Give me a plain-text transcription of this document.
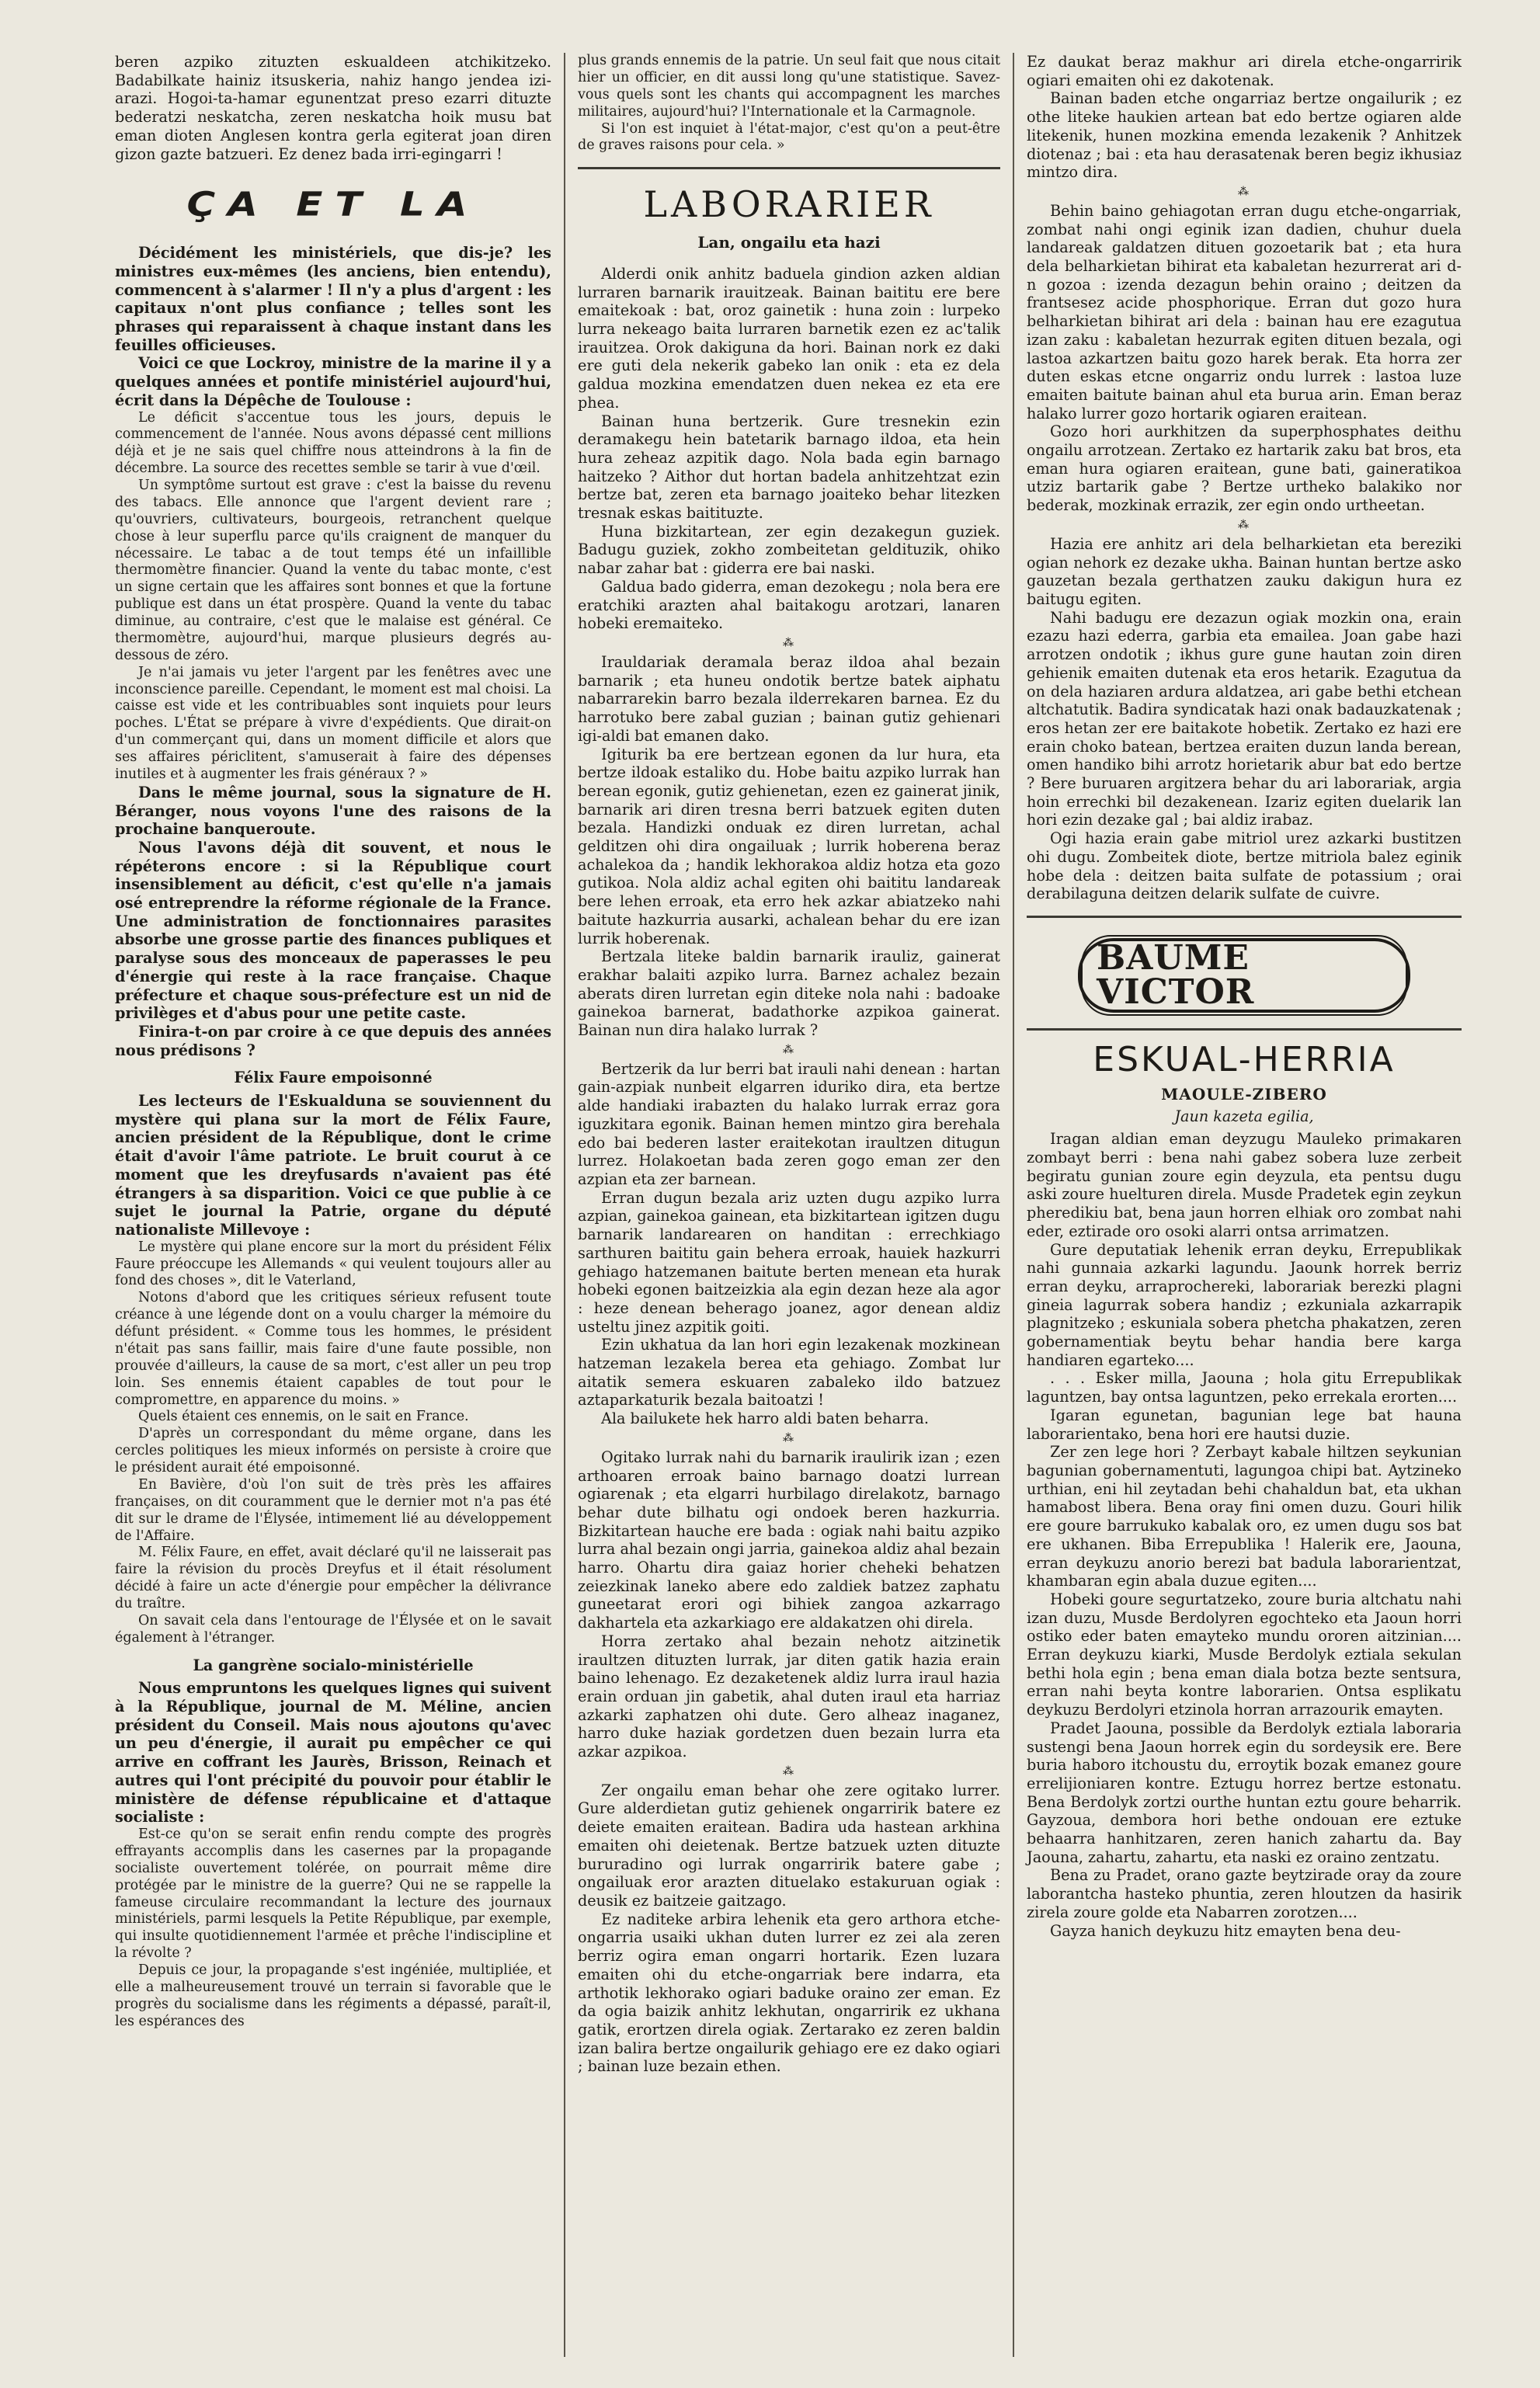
beren azpiko zituzten eskualdeen atchikitzeko. Badabilkate hainiz itsuskeria, nahiz hango jendea izi-arazi. Hogoi-ta-hamar egunentzat preso ezarri dituzte bederatzi neskatcha, zeren neskatcha hoik musu bat eman dioten Anglesen kontra gerla egiterat joan diren gizon gazte batzueri. Ez denez bada irri-egingarri !

ÇA ET LA

Décidément les ministériels, que dis-je? les ministres eux-mêmes (les anciens, bien entendu), commencent à s'alarmer ! Il n'y a plus d'argent : les capitaux n'ont plus confiance ; telles sont les phrases qui reparaissent à chaque instant dans les feuilles officieuses.

Voici ce que Lockroy, ministre de la marine il y a quelques années et pontife ministériel aujourd'hui, écrit dans la Dépêche de Toulouse :

Le déficit s'accentue tous les jours, depuis le commencement de l'année. Nous avons dépassé cent millions déjà et je ne sais quel chiffre nous atteindrons à la fin de décembre. La source des recettes semble se tarir à vue d'œil.

Un symptôme surtout est grave : c'est la baisse du revenu des tabacs. Elle annonce que l'argent devient rare ; qu'ouvriers, cultivateurs, bourgeois, retranchent quelque chose à leur superflu parce qu'ils craignent de manquer du nécessaire. Le tabac a de tout temps été un infaillible thermomètre financier. Quand la vente du tabac monte, c'est un signe certain que les affaires sont bonnes et que la fortune publique est dans un état prospère. Quand la vente du tabac diminue, au contraire, c'est que le malaise est général. Ce thermomètre, aujourd'hui, marque plusieurs degrés au-dessous de zéro.

Je n'ai jamais vu jeter l'argent par les fenêtres avec une inconscience pareille. Cependant, le moment est mal choisi. La caisse est vide et les contribuables sont inquiets pour leurs poches. L'État se prépare à vivre d'expédients. Que dirait-on d'un commerçant qui, dans un moment difficile et alors que ses affaires périclitent, s'amuserait à faire des dépenses inutiles et à augmenter les frais généraux ? »

Dans le même journal, sous la signature de H. Béranger, nous voyons l'une des raisons de la prochaine banqueroute.

Nous l'avons déjà dit souvent, et nous le répéterons encore : si la République court insensiblement au déficit, c'est qu'elle n'a jamais osé entreprendre la réforme régionale de la France. Une administration de fonctionnaires parasites absorbe une grosse partie des finances publiques et paralyse sous des monceaux de paperasses le peu d'énergie qui reste à la race française. Chaque préfecture et chaque sous-préfecture est un nid de privilèges et d'abus pour une petite caste.

Finira-t-on par croire à ce que depuis des années nous prédisons ?

Félix Faure empoisonné

Les lecteurs de l'Eskualduna se souviennent du mystère qui plana sur la mort de Félix Faure, ancien président de la République, dont le crime était d'avoir l'âme patriote. Le bruit courut à ce moment que les dreyfusards n'avaient pas été étrangers à sa disparition. Voici ce que publie à ce sujet le journal la Patrie, organe du député nationaliste Millevoye :

Le mystère qui plane encore sur la mort du président Félix Faure préoccupe les Allemands « qui veulent toujours aller au fond des choses », dit le Vaterland,

Notons d'abord que les critiques sérieux refusent toute créance à une légende dont on a voulu charger la mémoire du défunt président. « Comme tous les hommes, le président n'était pas sans faillir, mais faire d'une faute possible, non prouvée d'ailleurs, la cause de sa mort, c'est aller un peu trop loin. Ses ennemis étaient capables de tout pour le compromettre, en apparence du moins. »

Quels étaient ces ennemis, on le sait en France.

D'après un correspondant du même organe, dans les cercles politiques les mieux informés on persiste à croire que le président aurait été empoisonné.

En Bavière, d'où l'on suit de très près les affaires françaises, on dit couramment que le dernier mot n'a pas été dit sur le drame de l'Élysée, intimement lié au développement de l'Affaire.

M. Félix Faure, en effet, avait déclaré qu'il ne laisserait pas faire la révision du procès Dreyfus et il était résolument décidé à faire un acte d'énergie pour empêcher la délivrance du traître.

On savait cela dans l'entourage de l'Élysée et on le savait également à l'étranger.

La gangrène socialo-ministérielle

Nous empruntons les quelques lignes qui suivent à la République, journal de M. Méline, ancien président du Conseil. Mais nous ajoutons qu'avec un peu d'énergie, il aurait pu empêcher ce qui arrive en coffrant les Jaurès, Brisson, Reinach et autres qui l'ont précipité du pouvoir pour établir le ministère de défense républicaine et d'attaque socialiste :

Est-ce qu'on se serait enfin rendu compte des progrès effrayants accomplis dans les casernes par la propagande socialiste ouvertement tolérée, on pourrait même dire protégée par le ministre de la guerre? Qui ne se rappelle la fameuse circulaire recommandant la lecture des journaux ministériels, parmi lesquels la Petite République, par exemple, qui insulte quotidiennement l'armée et prêche l'indiscipline et la révolte ?

Depuis ce jour, la propagande s'est ingéniée, multipliée, et elle a malheureusement trouvé un terrain si favorable que le progrès du socialisme dans les régiments a dépassé, paraît-il, les espérances des

plus grands ennemis de la patrie. Un seul fait que nous citait hier un officier, en dit aussi long qu'une statistique. Savez-vous quels sont les chants qui accompagnent les marches militaires, aujourd'hui? l'Internationale et la Carmagnole.

Si l'on est inquiet à l'état-major, c'est qu'on a peut-être de graves raisons pour cela. »

LABORARIER

Lan, ongailu eta hazi

Alderdi onik anhitz baduela gindion azken aldian lurraren barnarik irauitzeak. Bainan baititu ere bere emaitekoak : bat, oroz gainetik : huna zoin : lurpeko lurra nekeago baita lurraren barnetik ezen ez ac'talik irauitzea. Orok dakiguna da hori. Bainan nork ez daki ere guti dela nekerik gabeko lan onik : eta ez dela galdua mozkina emendatzen duen nekea ez eta ere phea.

Bainan huna bertzerik. Gure tresnekin ezin deramakegu hein batetarik barnago ildoa, eta hein hura zeheaz azpitik dago. Nola bada egin barnago haitzeko ? Aithor dut hortan badela anhitzehtzat ezin bertze bat, zeren eta barnago joaiteko behar litezken tresnak eskas baitituzte.

Huna bizkitartean, zer egin dezakegun guziek. Badugu guziek, zokho zombeitetan geldituzik, ohiko nabar zahar bat : giderra ere bai naski.

Galdua bado giderra, eman dezokegu ; nola bera ere eratchiki arazten ahal baitakogu arotzari, lanaren hobeki eremaiteko.

⁂

Irauldariak deramala beraz ildoa ahal bezain barnarik ; eta huneu ondotik bertze batek aiphatu nabarrarekin barro bezala ilderrekaren barnea. Ez du harrotuko bere zabal guzian ; bainan gutiz gehienari igi-aldi bat emanen dako.

Igiturik ba ere bertzean egonen da lur hura, eta bertze ildoak estaliko du. Hobe baitu azpiko lurrak han berean egonik, gutiz gehienetan, ezen ez gainerat jinik, barnarik ari diren tresna berri batzuek egiten duten bezala. Handizki onduak ez diren lurretan, achal gelditzen ohi dira ongailuak ; lurrik hoberena beraz achalekoa da ; handik lekhorakoa aldiz hotza eta gozo gutikoa. Nola aldiz achal egiten ohi baititu landareak bere lehen erroak, eta erro hek azkar abiatzeko nahi baitute hazkurria ausarki, achalean behar du ere izan lurrik hoberenak.

Bertzala liteke baldin barnarik irauliz, gainerat erakhar balaiti azpiko lurra. Barnez achalez bezain aberats diren lurretan egin diteke nola nahi : badoake gainekoa barnerat, badathorke azpikoa gainerat. Bainan nun dira halako lurrak ?

⁂

Bertzerik da lur berri bat irauli nahi denean : hartan gain-azpiak nunbeit elgarren iduriko dira, eta bertze alde handiaki irabazten du halako lurrak erraz gora iguzkitara egonik. Bainan hemen mintzo gira berehala edo bai bederen laster eraitekotan iraultzen ditugun lurrez. Holakoetan bada zeren gogo eman zer den azpian eta zer barnean.

Erran dugun bezala ariz uzten dugu azpiko lurra azpian, gainekoa gainean, eta bizkitartean igitzen dugu barnarik landarearen on handitan : errechkiago sarthuren baititu gain behera erroak, hauiek hazkurri gehiago hatzemanen baitute berten menean eta hurak hobeki egonen baitzeizkia ala egin dezan heze ala agor : heze denean beherago joanez, agor denean aldiz usteltu jinez azpitik goiti.

Ezin ukhatua da lan hori egin lezakenak mozkinean hatzeman lezakela berea eta gehiago. Zombat lur aitatik semera eskuaren zabaleko ildo batzuez aztaparkaturik bezala baitoatzi !

Ala bailukete hek harro aldi baten beharra.

⁂

Ogitako lurrak nahi du barnarik iraulirik izan ; ezen arthoaren erroak baino barnago doatzi lurrean ogiarenak ; eta elgarri hurbilago direlakotz, barnago behar dute bilhatu ogi ondoek beren hazkurria. Bizkitartean hauche ere bada : ogiak nahi baitu azpiko lurra ahal bezain ongi jarria, gainekoa aldiz ahal bezain harro. Ohartu dira gaiaz horier cheheki behatzen zeiezkinak laneko abere edo zaldiek batzez zaphatu guneetarat erori ogi bihiek zangoa azkarrago dakhartela eta azkarkiago ere aldakatzen ohi direla.

Horra zertako ahal bezain nehotz aitzinetik iraultzen dituzten lurrak, jar diten gatik hazia erain baino lehenago. Ez dezaketenek aldiz lurra iraul hazia erain orduan jin gabetik, ahal duten iraul eta harriaz azkarki zaphatzen ohi dute. Gero alheaz inaganez, harro duke haziak gordetzen duen bezain lurra eta azkar azpikoa.

⁂

Zer ongailu eman behar ohe zere ogitako lurrer. Gure alderdietan gutiz gehienek ongarririk batere ez deiete emaiten eraitean. Badira uda hastean arkhina emaiten ohi deietenak. Bertze batzuek uzten dituzte bururadino ogi lurrak ongarririk batere gabe ; ongailuak eror arazten dituelako estakuruan ogiak : deusik ez baitzeie gaitzago.

Ez naditeke arbira lehenik eta gero arthora etche-ongarria usaiki ukhan duten lurrer ez zei ala zeren berriz ogira eman ongarri hortarik. Ezen luzara emaiten ohi du etche-ongarriak bere indarra, eta arthotik lekhorako ogiari baduke oraino zer eman. Ez da ogia baizik anhitz lekhutan, ongarririk ez ukhana gatik, erortzen direla ogiak. Zertarako ez zeren baldin izan balira bertze ongailurik gehiago ere ez dako ogiari ; bainan luze bezain ethen.

Ez daukat beraz makhur ari direla etche-ongarririk ogiari emaiten ohi ez dakotenak.

Bainan baden etche ongarriaz bertze ongailurik ; ez othe liteke haukien artean bat edo bertze ogiaren alde litekenik, hunen mozkina emenda lezakenik ? Anhitzek diotenaz ; bai : eta hau derasatenak beren begiz ikhusiaz mintzo dira.

⁂

Behin baino gehiagotan erran dugu etche-ongarriak, zombat nahi ongi eginik izan dadien, chuhur duela landareak galdatzen dituen gozoetarik bat ; eta hura dela belharkietan bihirat eta kabaletan hezurrerat ari d- n gozoa : izenda dezagun behin oraino ; deitzen da frantsesez acide phosphorique. Erran dut gozo hura belharkietan bihirat ari dela : bainan hau ere ezagutua izan zaku : kabaletan hezurrak egiten dituen bezala, ogi lastoa azkartzen baitu gozo harek berak. Eta horra zer duten eskas etcne ongarriz ondu lurrek : lastoa luze emaiten baitute bainan ahul eta burua arin. Eman beraz halako lurrer gozo hortarik ogiaren eraitean.

Gozo hori aurkhitzen da superphosphates deithu ongailu arrotzean. Zertako ez hartarik zaku bat bros, eta eman hura ogiaren eraitean, gune bati, gaineratikoa utziz bartarik gabe ? Bertze urtheko balakiko nor bederak, mozkinak errazik, zer egin ondo urtheetan.

⁂

Hazia ere anhitz ari dela belharkietan eta bereziki ogian nehork ez dezake ukha. Bainan huntan bertze asko gauzetan bezala gerthatzen zauku dakigun hura ez baitugu egiten.

Nahi badugu ere dezazun ogiak mozkin ona, erain ezazu hazi ederra, garbia eta emailea. Joan gabe hazi arrotzen ondotik ; ikhus gure gune hautan zoin diren gehienik emaiten dutenak eta eros hetarik. Ezagutua da on dela haziaren ardura aldatzea, ari gabe bethi etchean altchatutik. Badira syndicatak hazi onak badauzkatenak ; eros hetan zer ere baitakote hobetik. Zertako ez hazi ere erain choko batean, bertzea eraiten duzun landa berean, omen handiko bihi arrotz horietarik abur bat edo bertze ? Bere buruaren argitzera behar du ari laborariak, argia hoin errechki bil dezakenean. Izariz egiten duelarik lan hori ezin dezake gal ; bai aldiz irabaz.

Ogi hazia erain gabe mitriol urez azkarki bustitzen ohi dugu. Zombeitek diote, bertze mitriola balez eginik hobe dela : deitzen baita sulfate de potassium ; orai derabilaguna deitzen delarik sulfate de cuivre.

BAUME VICTOR
ESKUAL-HERRIA

MAOULE-ZIBERO

Jaun kazeta egilia,

Iragan aldian eman deyzugu Mauleko primakaren zombayt berri : bena nahi gabez sobera luze zerbeit begiratu gunian zoure egin deyzula, eta pentsu dugu aski zoure huelturen direla. Musde Pradetek egin zeykun pheredikiu bat, bena jaun horren elhiak oro zombat nahi eder, eztirade oro osoki alarri ontsa arrimatzen.

Gure deputatiak lehenik erran deyku, Errepublikak nahi gunnaia azkarki lagundu. Jaounk horrek berriz erran deyku, arraprochereki, laborariak berezki plagni gineia lagurrak sobera handiz ; ezkuniala azkarrapik plagnitzeko ; eskuniala sobera phetcha phakatzen, zeren gobernamentiak beytu behar handia bere karga handiaren egarteko....

. . . Esker milla, Jaouna ; hola gitu Errepublikak laguntzen, bay ontsa laguntzen, peko errekala erorten....

Igaran egunetan, bagunian lege bat hauna laborarientako, bena hori ere hautsi duzie.

Zer zen lege hori ? Zerbayt kabale hiltzen seykunian bagunian gobernamentuti, lagungoa chipi bat. Aytzineko urthian, eni hil zeytadan behi chahaldun bat, eta ukhan hamabost libera. Bena oray fini omen duzu. Gouri hilik ere goure barrukuko kabalak oro, ez umen dugu sos bat ere ukhanen. Biba Errepublika ! Halerik ere, Jaouna, erran deykuzu anorio berezi bat badula laborarientzat, khambaran egin abala duzue egiten....

Hobeki goure segurtatzeko, zoure buria altchatu nahi izan duzu, Musde Berdolyren egochteko eta Jaoun horri ostiko eder baten emayteko mundu ororen aitzinian.... Erran deykuzu kiarki, Musde Berdolyk eztiala sekulan bethi hola egin ; bena eman diala botza bezte sentsura, erran nahi beyta kontre laborarien. Ontsa esplikatu deykuzu Berdolyri etzinola horran arrazourik emayten.

Pradet Jaouna, possible da Berdolyk eztiala laboraria sustengi bena Jaoun horrek egin du sordeysik ere. Bere buria haboro itchoustu du, erroytik bozak emanez goure errelijioniaren kontre. Eztugu horrez bertze estonatu. Bena Berdolyk zortzi ourthe huntan eztu goure beharrik. Gayzoua, dembora hori bethe ondouan ere eztuke behaarra hanhitzaren, zeren hanich zahartu da. Bay Jaouna, zahartu, zahartu, eta naski ez oraino zentzatu.

Bena zu Pradet, orano gazte beytzirade oray da zoure laborantcha hasteko phuntia, zeren hloutzen da hasirik zirela zoure golde eta Nabarren zorotzen....

Gayza hanich deykuzu hitz emayten bena deu-
